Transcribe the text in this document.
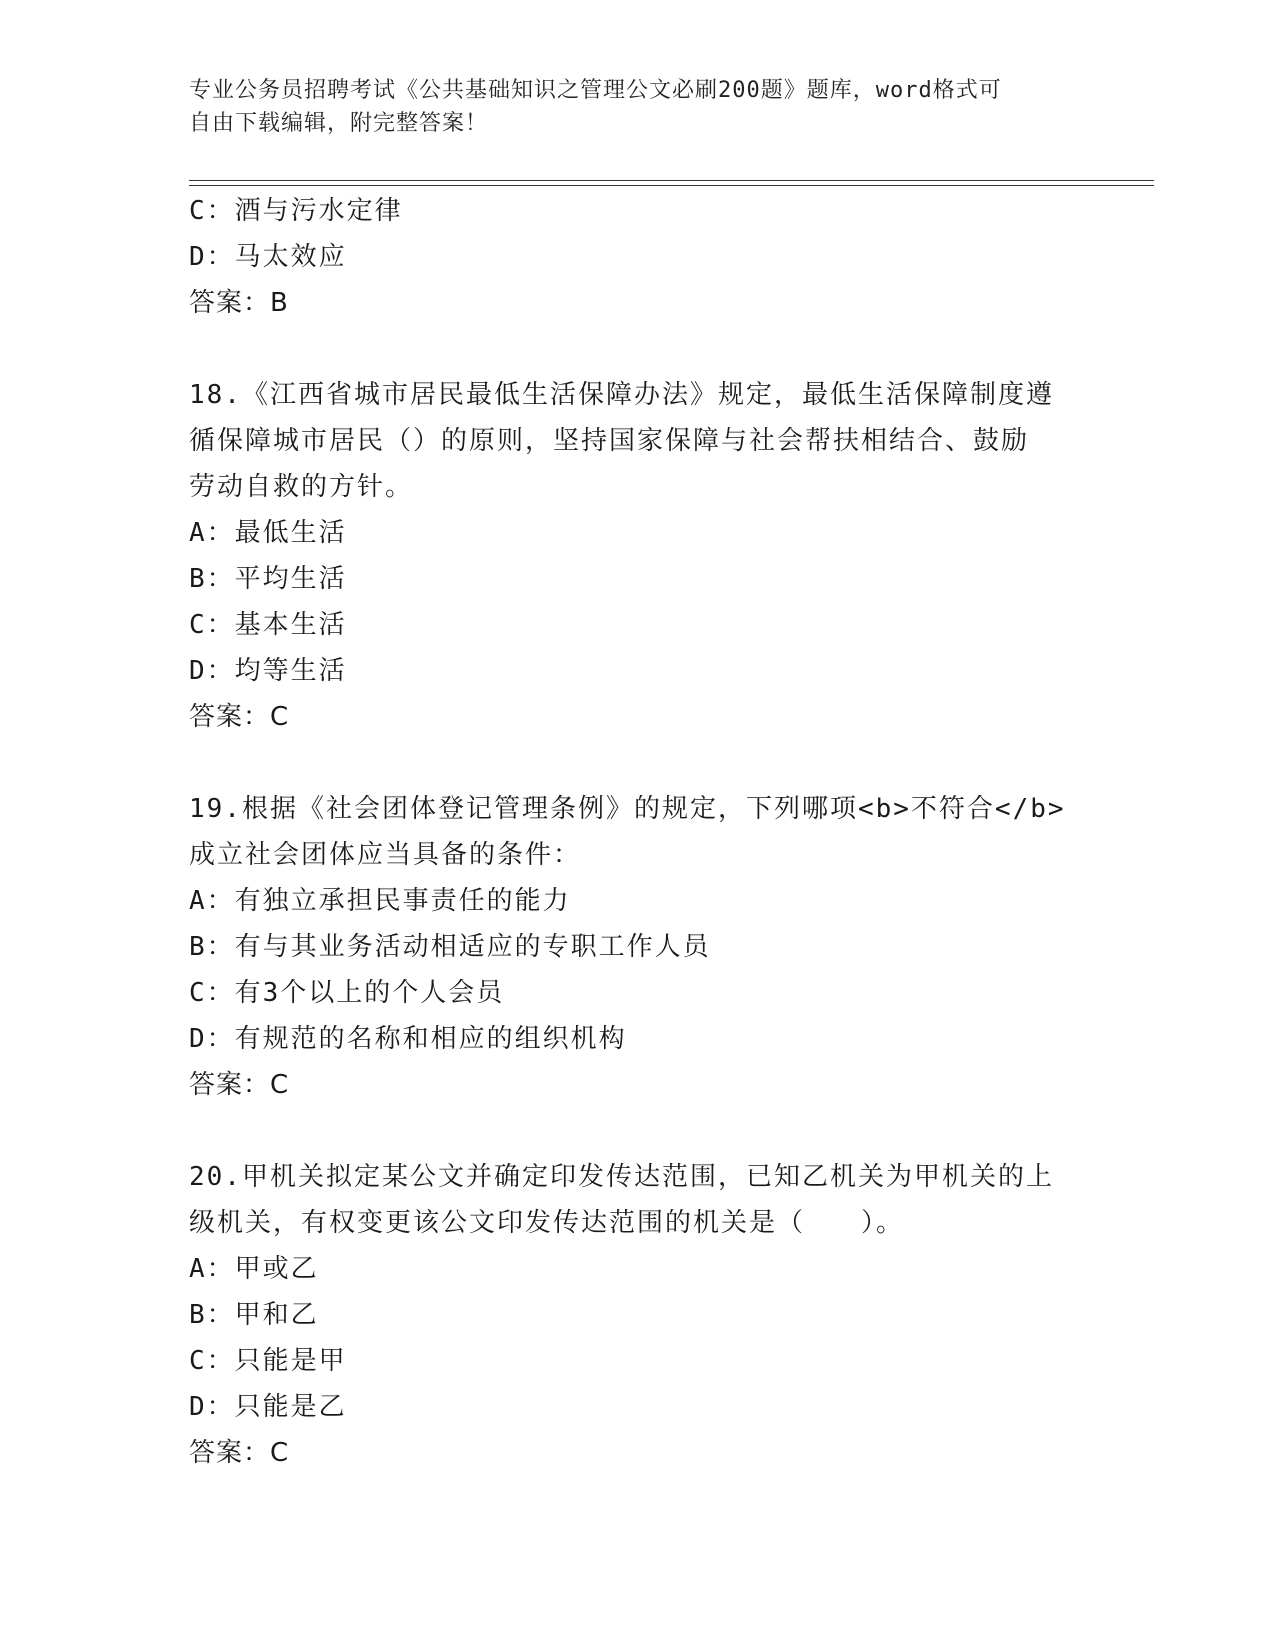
专业公务员招聘考试《公共基础知识之管理公文必刷200题》题库，word格式可
自由下载编辑，附完整答案！
C：酒与污水定律
D：马太效应
答案：B
18.《江西省城市居民最低生活保障办法》规定，最低生活保障制度遵
循保障城市居民（）的原则，坚持国家保障与社会帮扶相结合、鼓励
劳动自救的方针。
A：最低生活
B：平均生活
C：基本生活
D：均等生活
答案：C
19.根据《社会团体登记管理条例》的规定，下列哪项<b>不符合</b>
成立社会团体应当具备的条件：
A：有独立承担民事责任的能力
B：有与其业务活动相适应的专职工作人员
C：有3个以上的个人会员
D：有规范的名称和相应的组织机构
答案：C
20.甲机关拟定某公文并确定印发传达范围，已知乙机关为甲机关的上
级机关，有权变更该公文印发传达范围的机关是（　　）。
A：甲或乙
B：甲和乙
C：只能是甲
D：只能是乙
答案：C
